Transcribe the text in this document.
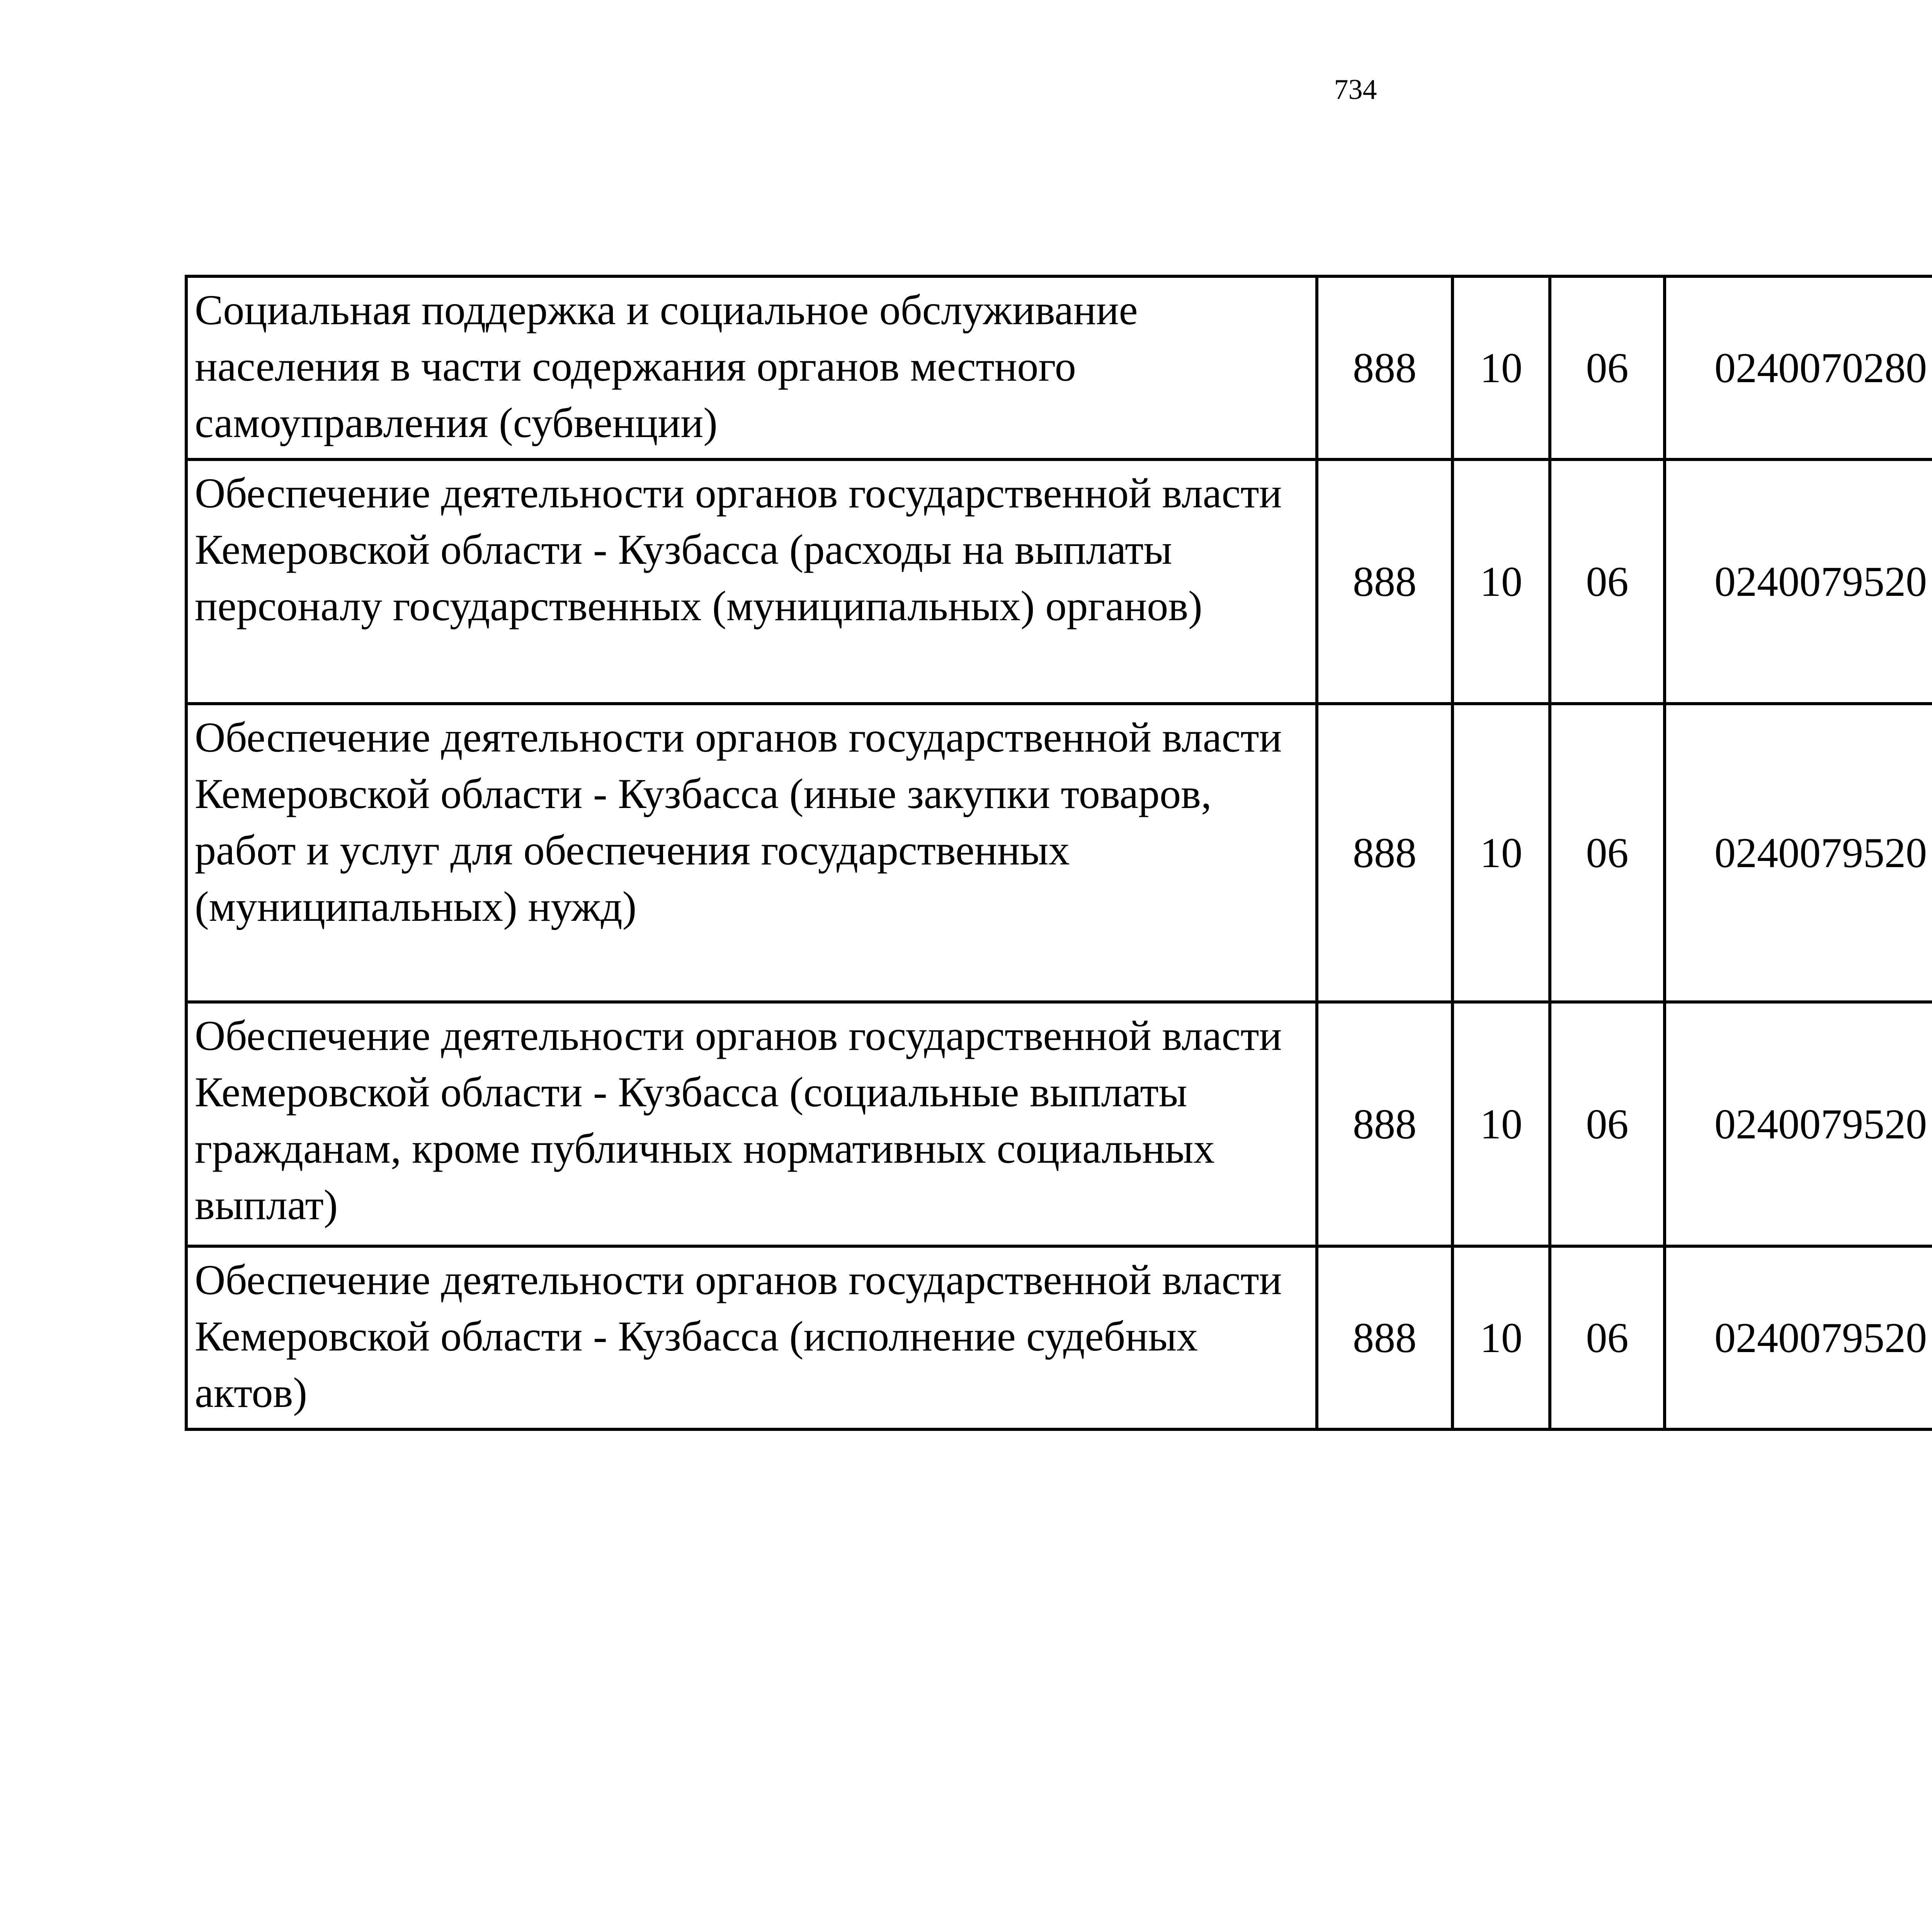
734
Социальная поддержка и социальное обслуживание населения в части содержания органов местного самоуправления (субвенции)	888	10	06	0240070280		
Обеспечение деятельности органов государственной власти Кемеровской области - Кузбасса (расходы на выплаты персоналу государственных (муниципальных) органов)	888	10	06	0240079520		
Обеспечение деятельности органов государственной власти Кемеровской области - Кузбасса (иные закупки товаров, работ и услуг для обеспечения государственных (муниципальных) нужд)	888	10	06	0240079520		
Обеспечение деятельности органов государственной власти Кемеровской области - Кузбасса (социальные выплаты гражданам, кроме публичных нормативных социальных выплат)	888	10	06	0240079520		
Обеспечение деятельности органов государственной власти Кемеровской области - Кузбасса (исполнение судебных актов)	888	10	06	0240079520		
